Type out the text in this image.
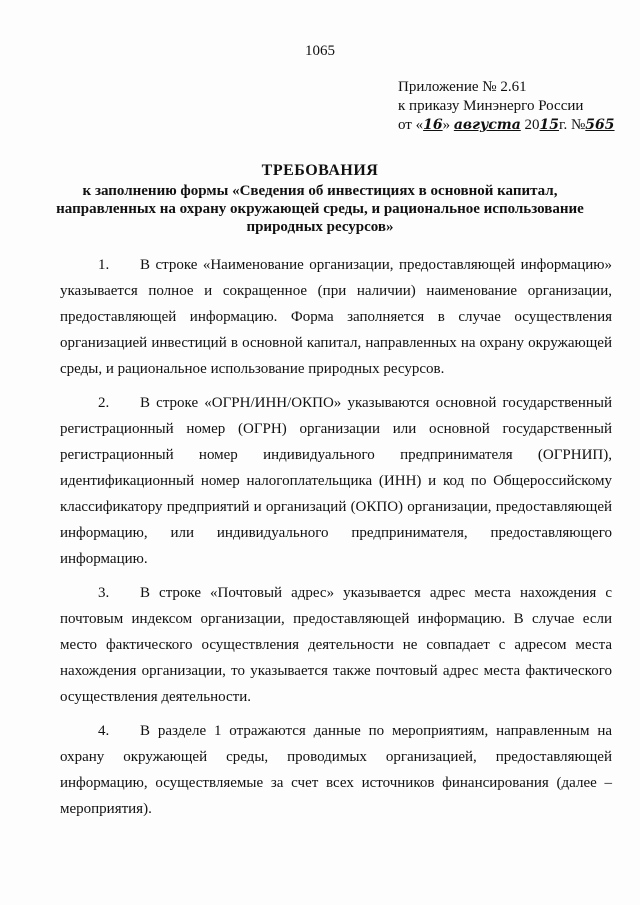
1065
Приложение № 2.61
к приказу Минэнерго России
от «16» августа 2015г. №565
ТРЕБОВАНИЯ
к заполнению формы «Сведения об инвестициях в основной капитал, направленных на охрану окружающей среды, и рациональное использование природных ресурсов»

1. В строке «Наименование организации, предоставляющей информацию» указывается полное и сокращенное (при наличии) наименование организации, предоставляющей информацию. Форма заполняется в случае осуществления организацией инвестиций в основной капитал, направленных на охрану окружающей среды, и рациональное использование природных ресурсов.

2. В строке «ОГРН/ИНН/ОКПО» указываются основной государственный регистрационный номер (ОГРН) организации или основной государственный регистрационный номер индивидуального предпринимателя (ОГРНИП), идентификационный номер налогоплательщика (ИНН) и код по Общероссийскому классификатору предприятий и организаций (ОКПО) организации, предоставляющей информацию, или индивидуального предпринимателя, предоставляющего информацию.

3. В строке «Почтовый адрес» указывается адрес места нахождения с почтовым индексом организации, предоставляющей информацию. В случае если место фактического осуществления деятельности не совпадает с адресом места нахождения организации, то указывается также почтовый адрес места фактического осуществления деятельности.

4. В разделе 1 отражаются данные по мероприятиям, направленным на охрану окружающей среды, проводимых организацией, предоставляющей информацию, осуществляемые за счет всех источников финансирования (далее – мероприятия).
